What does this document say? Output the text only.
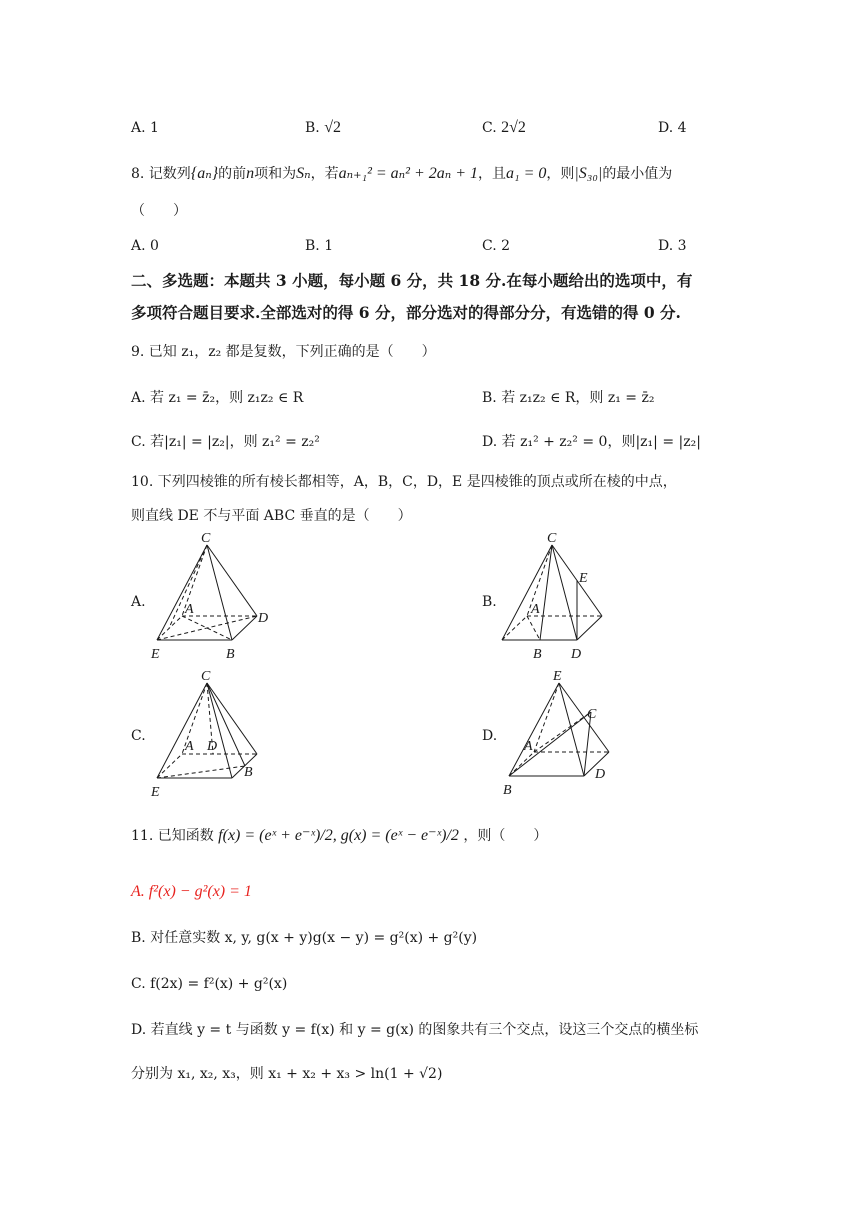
A. 1	B. √2	C. 2√2	D. 4
8. 记数列{aₙ}的前n项和为Sₙ，若aₙ₊₁² = aₙ² + 2aₙ + 1，且a₁ = 0，则|S₃₀|的最小值为
（　　）
A. 0	B. 1	C. 2	D. 3
二、多选题：本题共 3 小题，每小题 6 分，共 18 分.在每小题给出的选项中，有
多项符合题目要求.全部选对的得 6 分，部分选对的得部分分，有选错的得 0 分.
9. 已知 z₁，z₂ 都是复数，下列正确的是（　　）
A. 若 z₁ = z̄₂，则 z₁z₂ ∈ R	B. 若 z₁z₂ ∈ R，则 z₁ = z̄₂
C. 若|z₁| = |z₂|，则 z₁² = z₂²	D. 若 z₁² + z₂² = 0，则|z₁| = |z₂|
10. 下列四棱锥的所有棱长都相等，A，B，C，D，E 是四棱锥的顶点或所在棱的中点，
则直线 DE 不与平面 ABC 垂直的是（　　）
A.	B.
C.	D.
C
A
D
E	B
C
E
A
B D
C
A D
B
E
E
C
A
D
B
11. 已知函数 f(x) = (eˣ + e⁻ˣ)/2, g(x) = (eˣ − e⁻ˣ)/2 ，则（　　）
A. f²(x) − g²(x) = 1
B. 对任意实数 x, y, g(x + y)g(x − y) = g²(x) + g²(y)
C. f(2x) = f²(x) + g²(x)
D. 若直线 y = t 与函数 y = f(x) 和 y = g(x) 的图象共有三个交点，设这三个交点的横坐标
分别为 x₁, x₂, x₃，则 x₁ + x₂ + x₃ > ln(1 + √2)
